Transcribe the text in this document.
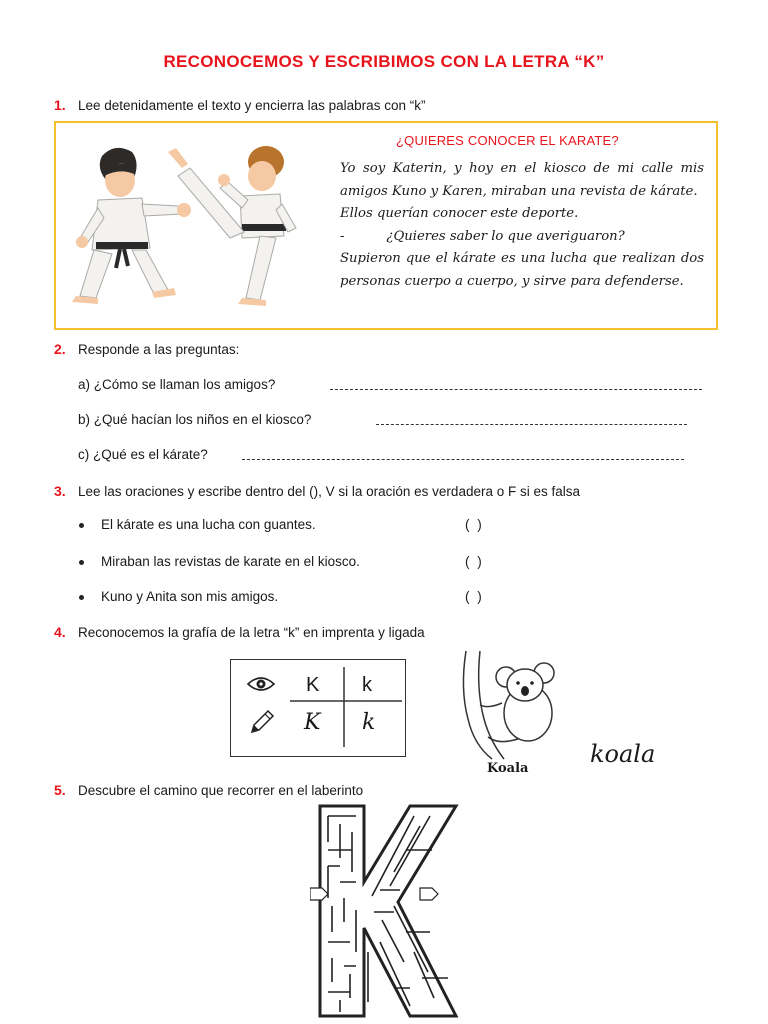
RECONOCEMOS Y ESCRIBIMOS CON LA LETRA “K”
1. Lee detenidamente el texto y encierra las palabras con “k”
¿QUIERES CONOCER EL KARATE?

Yo soy Katerin, y hoy en el kiosco de mi calle mis amigos Kuno y Karen, miraban una revista de kárate.

Ellos querían conocer este deporte.

-          ¿Quieres saber lo que averiguaron?

Supieron que el kárate es una lucha que realizan dos personas cuerpo a cuerpo, y sirve para defenderse.

2. Responde a las preguntas:
a) ¿Cómo se llaman los amigos?
b) ¿Qué hacían los niños en el kiosco?
c) ¿Qué es el kárate?
3. Lee las oraciones y escribe dentro del (), V si la oración es verdadera o F si es falsa
El kárate es una lucha con guantes.	( )
Miraban las revistas de karate en el kiosco.	( )
Kuno y Anita son mis amigos.	( )
4. Reconocemos la grafía de la letra “k” en imprenta y ligada
K k
K k
Koala
koala
5. Descubre el camino que recorrer en el laberinto
